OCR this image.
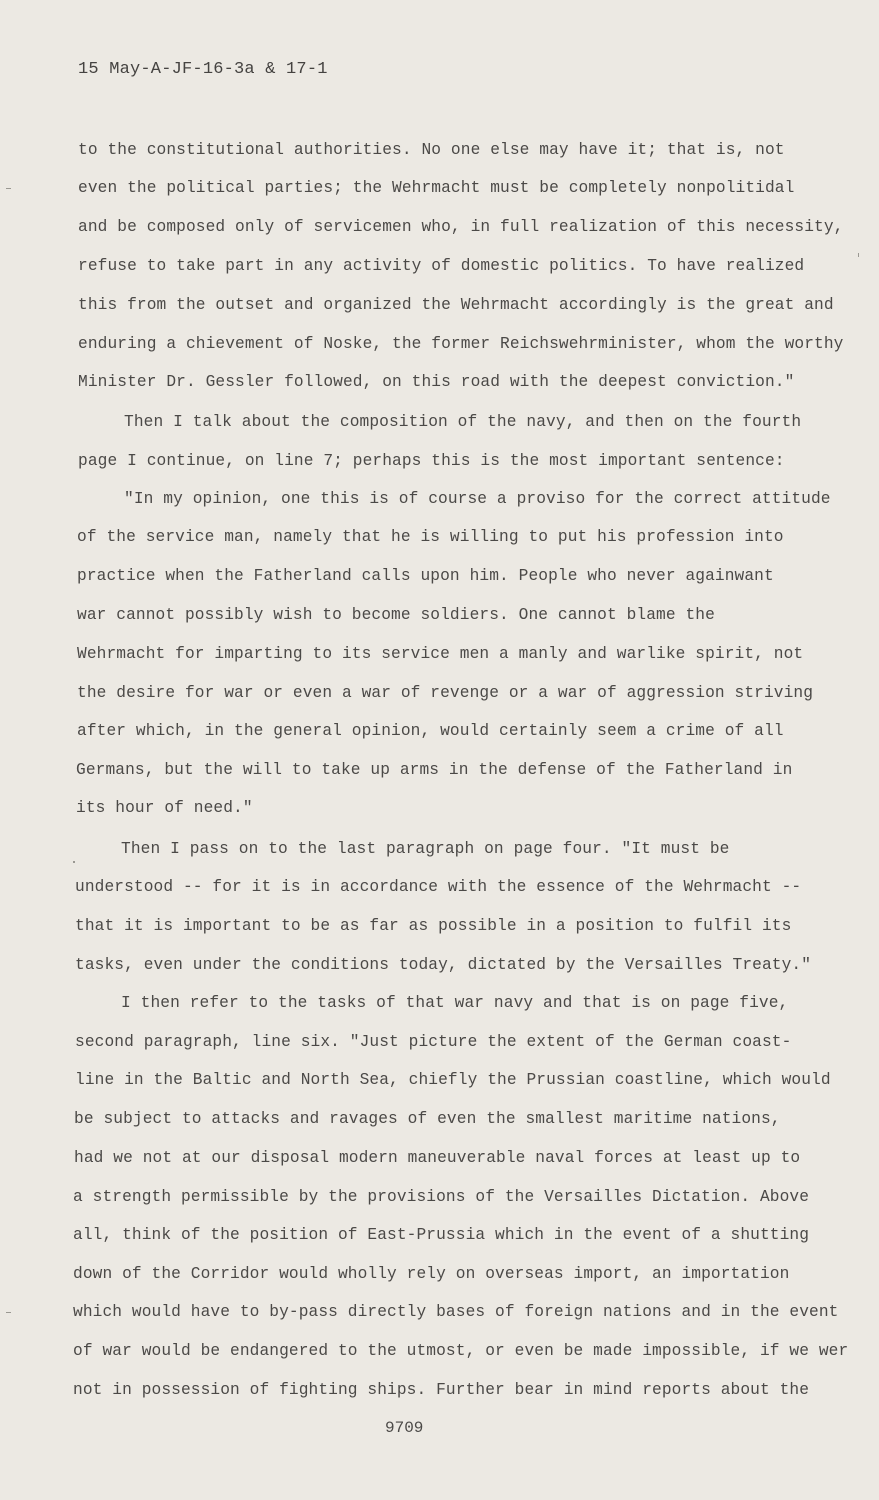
15 May-A-JF-16-3a & 17-1
to the constitutional authorities. No one else may have it; that is, not
even the political parties; the Wehrmacht must be completely nonpolitidal
and be composed only of servicemen who, in full realization of this necessity,
refuse to take part in any activity of domestic politics. To have realized
this from the outset and organized the Wehrmacht accordingly is the great and
enduring a chievement of Noske, the former Reichswehrminister, whom the worthy
Minister Dr. Gessler followed, on this road with the deepest conviction."
Then I talk about the composition of the navy, and then on the fourth
page I continue, on line 7; perhaps this is the most important sentence:
"In my opinion, one this is of course a proviso for the correct attitude
of the service man, namely that he is willing to put his profession into
practice when the Fatherland calls upon him. People who never againwant
war cannot possibly wish to become soldiers. One cannot blame the
Wehrmacht for imparting to its service men a manly and warlike spirit, not
the desire for war or even a war of revenge or a war of aggression striving
after which, in the general opinion, would certainly seem a crime of all
Germans, but the will to take up arms in the defense of the Fatherland in
its hour of need."
Then I pass on to the last paragraph on page four. "It must be
understood -- for it is in accordance with the essence of the Wehrmacht --
that it is important to be as far as possible in a position to fulfil its
tasks, even under the conditions today, dictated by the Versailles Treaty."
I then refer to the tasks of that war navy and that is on page five,
second paragraph, line six. "Just picture the extent of the German coast-
line in the Baltic and North Sea, chiefly the Prussian coastline, which would
be subject to attacks and ravages of even the smallest maritime nations,
had we not at our disposal modern maneuverable naval forces at least up to
a strength permissible by the provisions of the Versailles Dictation. Above
all, think of the position of East-Prussia which in the event of a shutting
down of the Corridor would wholly rely on overseas import, an importation
which would have to by-pass directly bases of foreign nations and in the event
of war would be endangered to the utmost, or even be made impossible, if we wer
not in possession of fighting ships. Further bear in mind reports about the
9709
